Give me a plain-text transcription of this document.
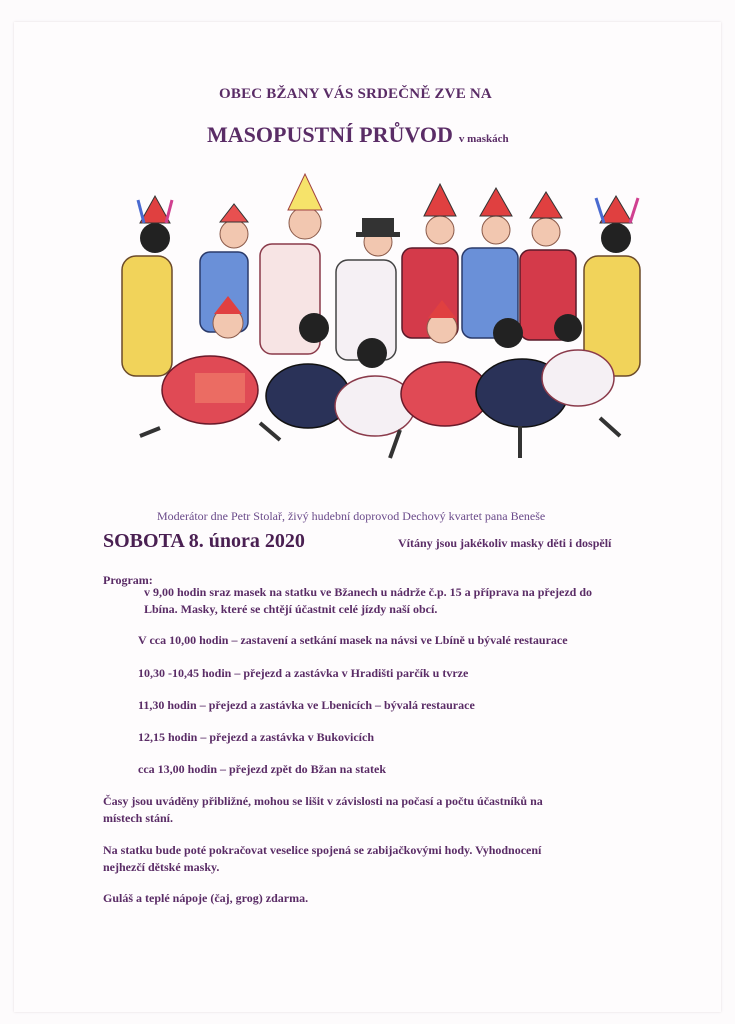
OBEC BŽANY VÁS SRDEČNĚ ZVE NA
MASOPUSTNÍ PRŮVOD v maskách
Moderátor dne Petr Stolař, živý hudební doprovod Dechový kvartet pana Beneše
SOBOTA 8. února 2020	Vítány jsou jakékoliv masky děti i dospělí
Program:
v 9,00 hodin sraz masek na statku ve Bžanech u nádrže č.p. 15 a příprava na přejezd do
Lbína. Masky, které se chtějí účastnit celé jízdy naší obcí.
V cca 10,00 hodin – zastavení a setkání masek na návsi ve Lbíně u bývalé restaurace
10,30 -10,45 hodin – přejezd a zastávka v Hradišti parčík u tvrze
11,30 hodin – přejezd a zastávka ve Lbenicích – bývalá restaurace
12,15 hodin – přejezd a zastávka v Bukovicích
cca 13,00 hodin – přejezd zpět do Bžan na statek
Časy jsou uváděny přibližné, mohou se lišit v závislosti na počasí a počtu účastníků na
místech stání.
Na statku bude poté pokračovat veselice spojená se zabijačkovými hody. Vyhodnocení
nejhezčí dětské masky.
Guláš a teplé nápoje (čaj, grog) zdarma.
